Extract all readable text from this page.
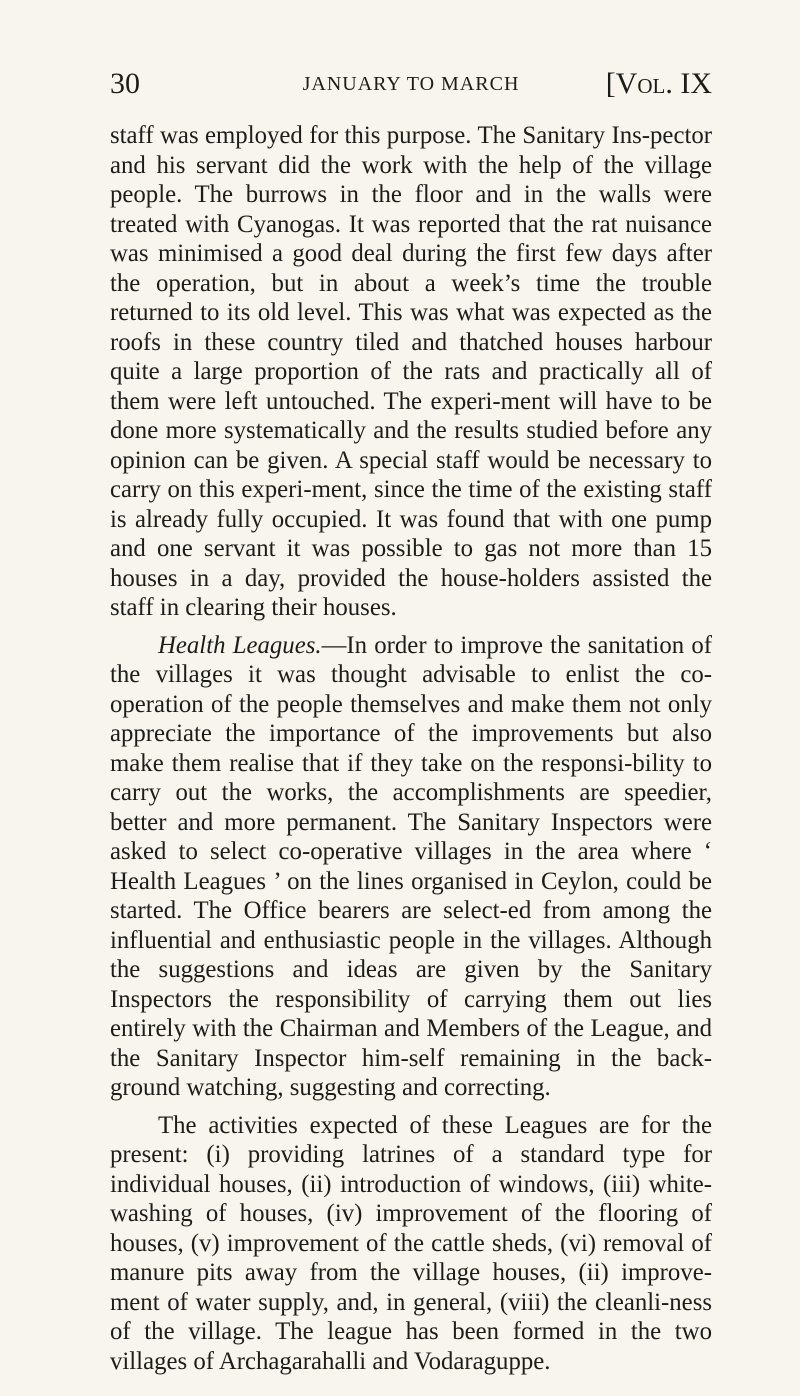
30	JANUARY TO MARCH	[Vol. IX

staff was employed for this purpose. The Sanitary Ins-pector and his servant did the work with the help of the village people. The burrows in the floor and in the walls were treated with Cyanogas. It was reported that the rat nuisance was minimised a good deal during the first few days after the operation, but in about a week’s time the trouble returned to its old level. This was what was expected as the roofs in these country tiled and thatched houses harbour quite a large proportion of the rats and practically all of them were left untouched. The experi-ment will have to be done more systematically and the results studied before any opinion can be given. A special staff would be necessary to carry on this experi-ment, since the time of the existing staff is already fully occupied. It was found that with one pump and one servant it was possible to gas not more than 15 houses in a day, provided the house-holders assisted the staff in clearing their houses.

Health Leagues.—In order to improve the sanitation of the villages it was thought advisable to enlist the co-operation of the people themselves and make them not only appreciate the importance of the improvements but also make them realise that if they take on the responsi-bility to carry out the works, the accomplishments are speedier, better and more permanent. The Sanitary Inspectors were asked to select co-operative villages in the area where ‘ Health Leagues ’ on the lines organised in Ceylon, could be started. The Office bearers are select-ed from among the influential and enthusiastic people in the villages. Although the suggestions and ideas are given by the Sanitary Inspectors the responsibility of carrying them out lies entirely with the Chairman and Members of the League, and the Sanitary Inspector him-self remaining in the back-ground watching, suggesting and correcting.

The activities expected of these Leagues are for the present: (i) providing latrines of a standard type for individual houses, (ii) introduction of windows, (iii) white-washing of houses, (iv) improvement of the flooring of houses, (v) improvement of the cattle sheds, (vi) removal of manure pits away from the village houses, (ii) improve-ment of water supply, and, in general, (viii) the cleanli-ness of the village. The league has been formed in the two villages of Archagarahalli and Vodaraguppe.
